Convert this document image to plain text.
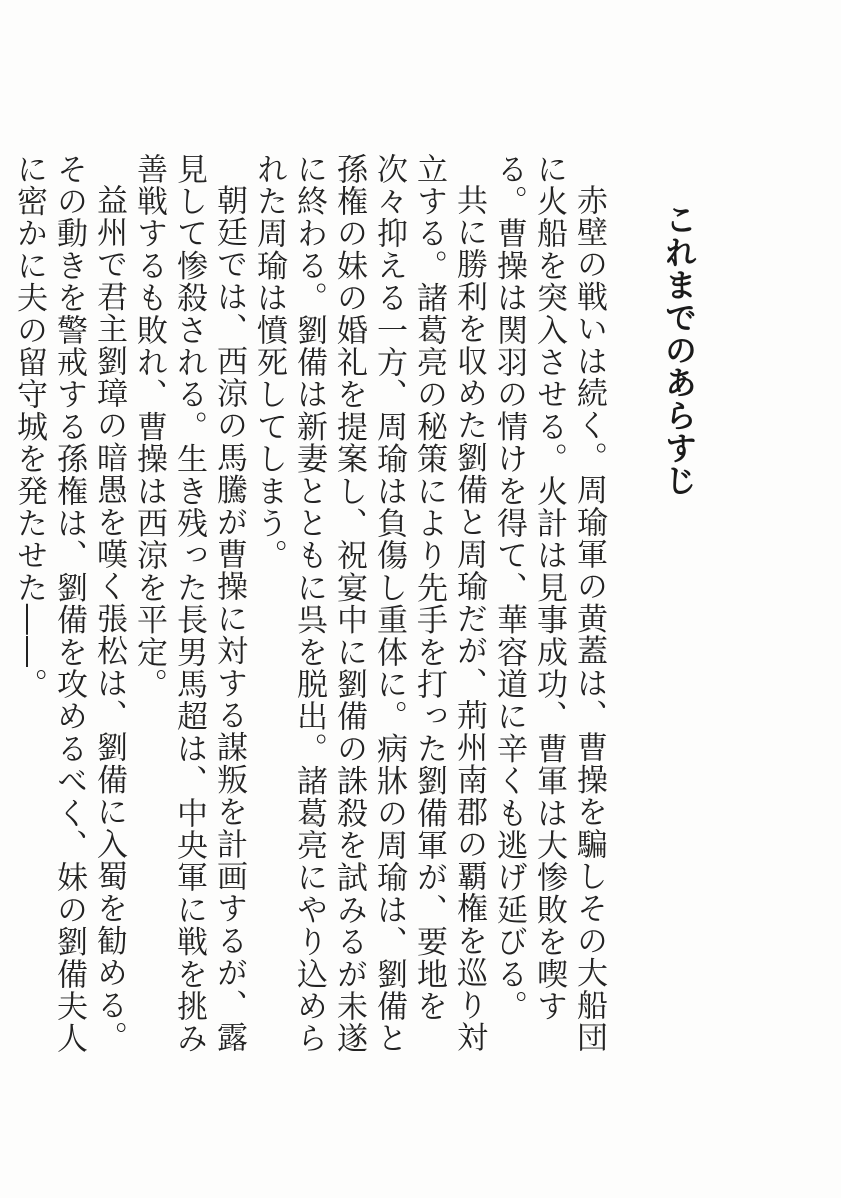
これまでのあらすじ

赤壁の戦いは続く。周瑜軍の黄蓋は、曹操を騙しその大船団に火船を突入させる。火計は見事成功、曹軍は大惨敗を喫する。曹操は関羽の情けを得て、華容道に辛くも逃げ延びる。

共に勝利を収めた劉備と周瑜だが、荊州南郡の覇権を巡り対立する。諸葛亮の秘策により先手を打った劉備軍が、要地を次々抑える一方、周瑜は負傷し重体に。病牀の周瑜は、劉備と孫権の妹の婚礼を提案し、祝宴中に劉備の誅殺を試みるが未遂に終わる。劉備は新妻とともに呉を脱出。諸葛亮にやり込められた周瑜は憤死してしまう。

朝廷では、西涼の馬騰が曹操に対する謀叛を計画するが、露見して惨殺される。生き残った長男馬超は、中央軍に戦を挑み善戦するも敗れ、曹操は西涼を平定。

益州で君主劉璋の暗愚を嘆く張松は、劉備に入蜀を勧める。その動きを警戒する孫権は、劉備を攻めるべく、妹の劉備夫人に密かに夫の留守城を発たせた――。
